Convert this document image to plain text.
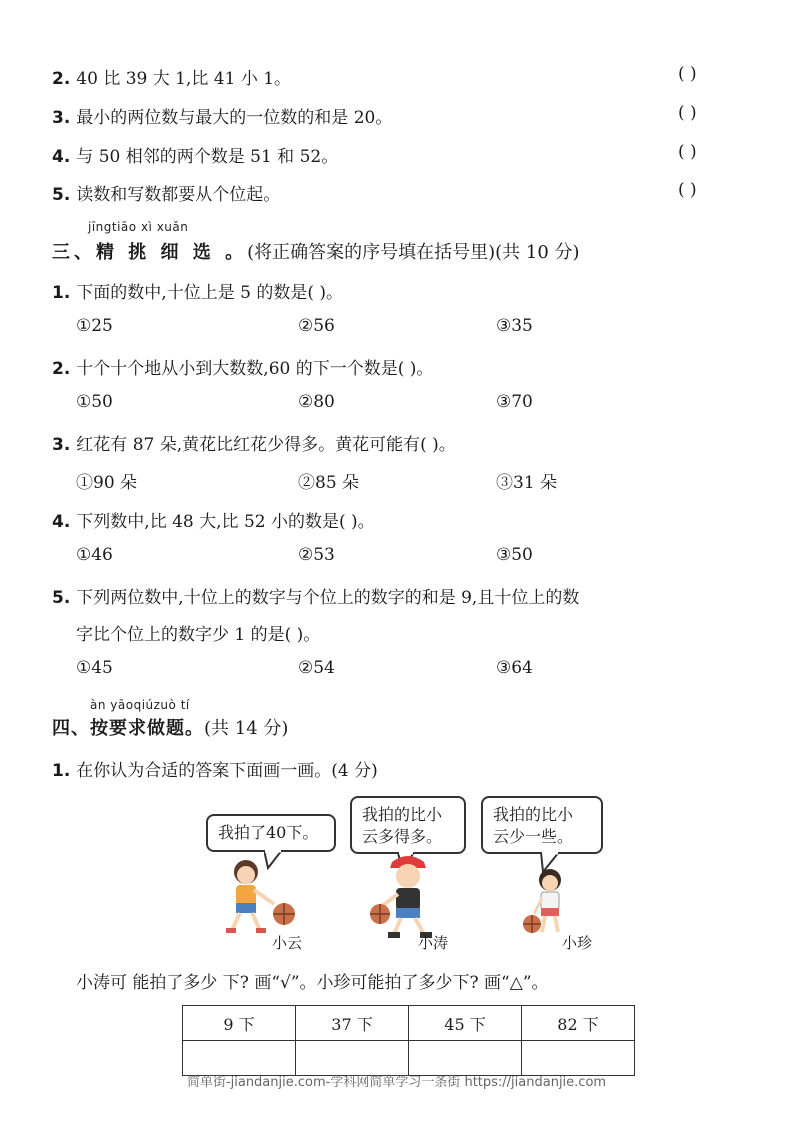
2. 40 比 39 大 1,比 41 小 1。	( )
3. 最小的两位数与最大的一位数的和是 20。	( )
4. 与 50 相邻的两个数是 51 和 52。	( )
5. 读数和写数都要从个位起。	( )
jīngtiāo xì xuǎn
三、精 挑 细 选 。(将正确答案的序号填在括号里)(共 10 分)
1. 下面的数中,十位上是 5 的数是( )。
①25	②56	③35
2. 十个十个地从小到大数数,60 的下一个数是( )。
①50	②80	③70
3. 红花有 87 朵,黄花比红花少得多。黄花可能有( )。
①90 朵	②85 朵	③31 朵
4. 下列数中,比 48 大,比 52 小的数是( )。
①46	②53	③50
5. 下列两位数中,十位上的数字与个位上的数字的和是 9,且十位上的数
字比个位上的数字少 1 的是( )。
①45	②54	③64
àn yāoqiúzuò tí
四、按要求做题。(共 14 分)
1. 在你认为合适的答案下面画一画。(4 分)
我拍了40下。
我拍的比小
云多得多。
我拍的比小
云少一些。
小云	小涛	小珍
小涛可 能拍了多少 下? 画“√”。小珍可能拍了多少下? 画“△”。
9 下	37 下	45 下	82 下

简单街-jiandanjie.com-学科网简单学习一条街 https://jiandanjie.com
